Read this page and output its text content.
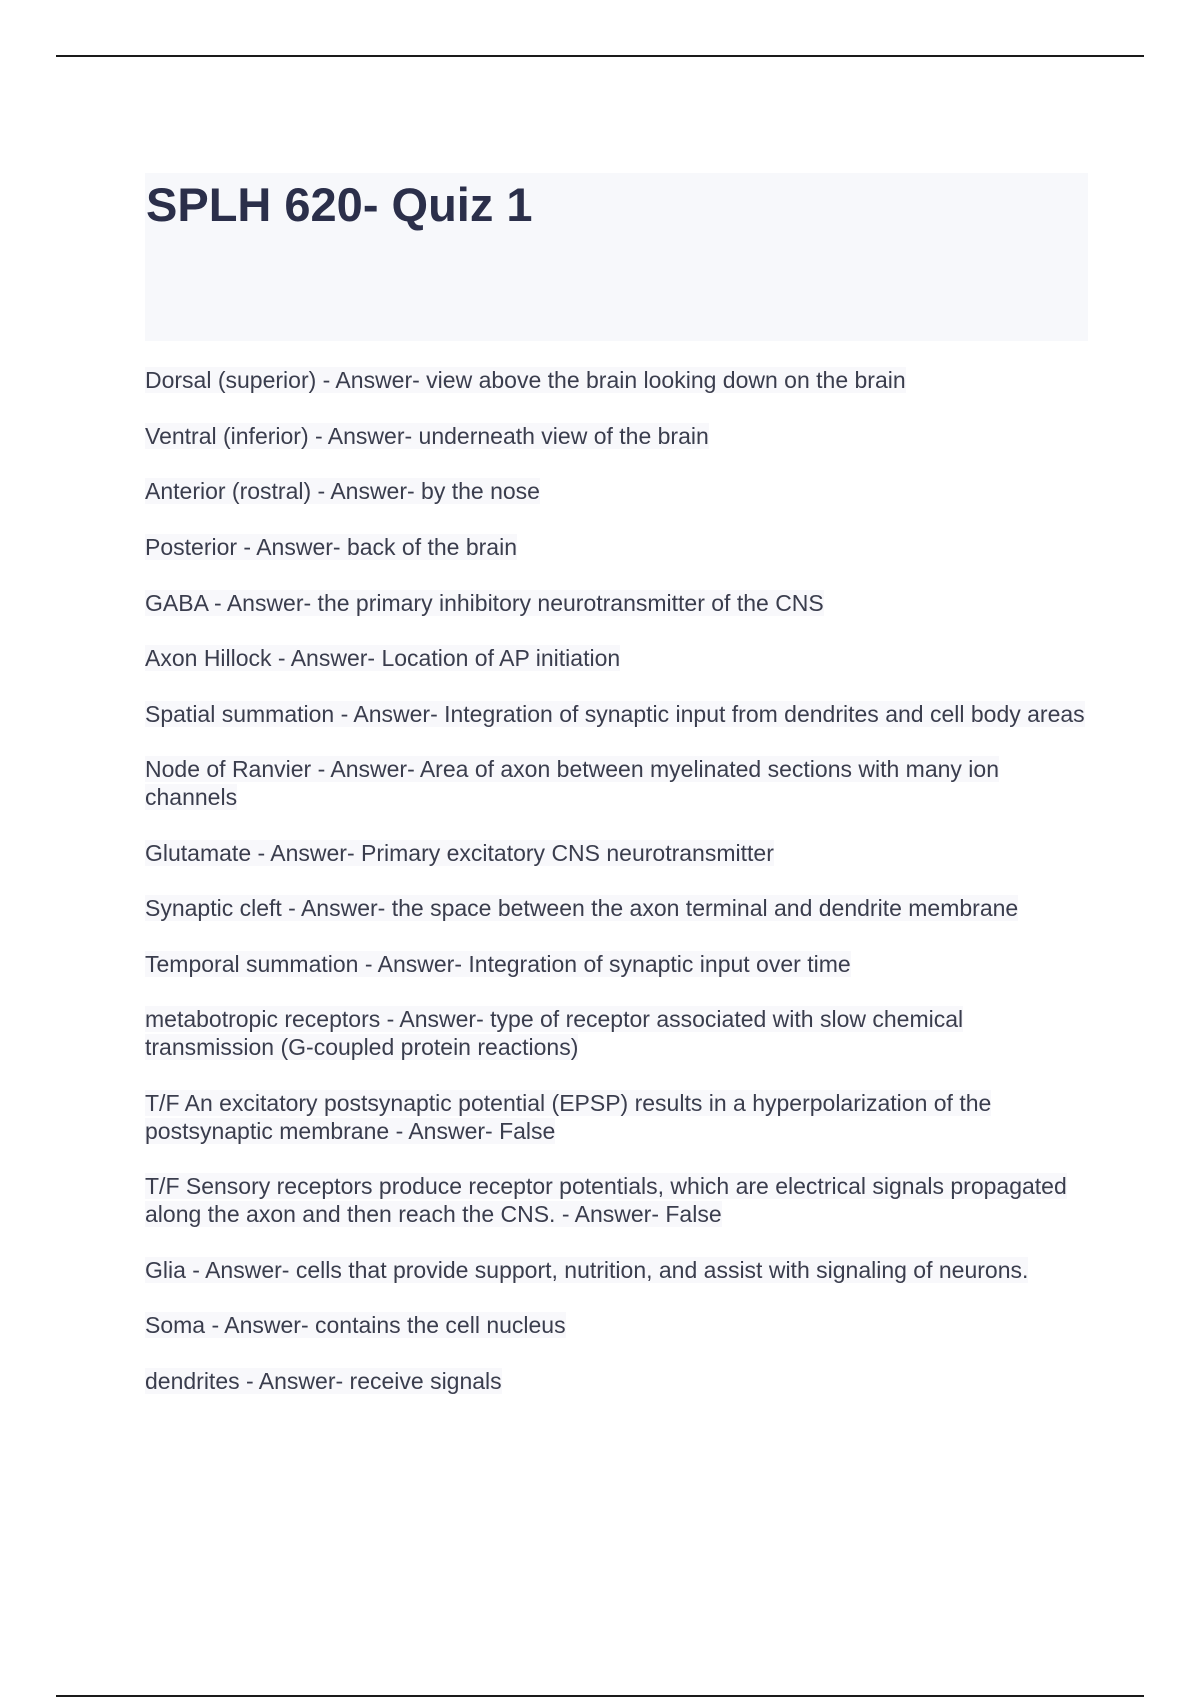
SPLH 620- Quiz 1
Dorsal (superior) - Answer- view above the brain looking down on the brain
Ventral (inferior) - Answer- underneath view of the brain
Anterior (rostral) - Answer- by the nose
Posterior - Answer- back of the brain
GABA - Answer- the primary inhibitory neurotransmitter of the CNS
Axon Hillock - Answer- Location of AP initiation
Spatial summation - Answer- Integration of synaptic input from dendrites and cell body areas
Node of Ranvier - Answer- Area of axon between myelinated sections with many ion channels
Glutamate - Answer- Primary excitatory CNS neurotransmitter
Synaptic cleft - Answer- the space between the axon terminal and dendrite membrane
Temporal summation - Answer- Integration of synaptic input over time
metabotropic receptors - Answer- type of receptor associated with slow chemical transmission (G-coupled protein reactions)
T/F An excitatory postsynaptic potential (EPSP) results in a hyperpolarization of the postsynaptic membrane - Answer- False
T/F Sensory receptors produce receptor potentials, which are electrical signals propagated along the axon and then reach the CNS. - Answer- False
Glia - Answer- cells that provide support, nutrition, and assist with signaling of neurons.
Soma - Answer- contains the cell nucleus
dendrites - Answer- receive signals
